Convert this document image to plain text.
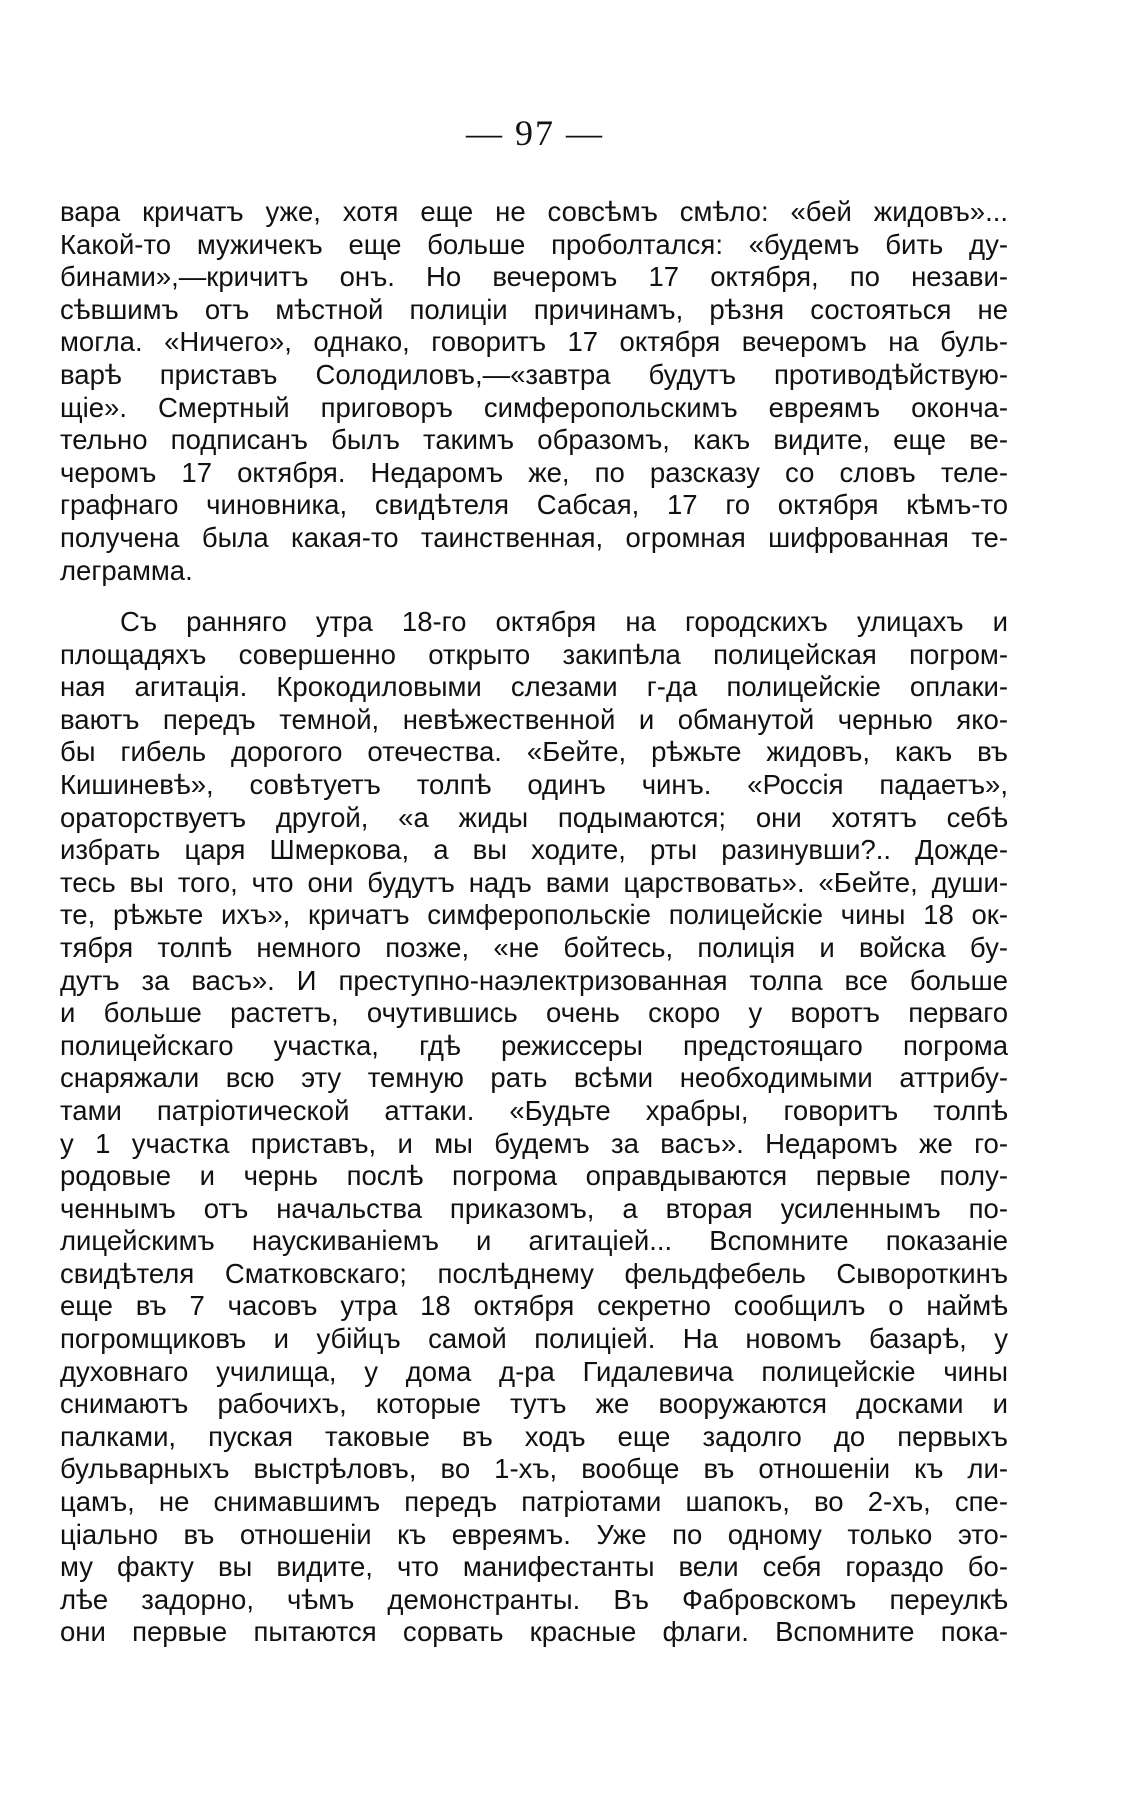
— 97 —
вара кричатъ уже, хотя еще не совсѣмъ смѣло: «бей жидовъ»...
Какой-то мужичекъ еще больше проболтался: «будемъ бить ду-
бинами»,—кричитъ онъ. Но вечеромъ 17 октября, по незави-
сѣвшимъ отъ мѣстной полиціи причинамъ, рѣзня состояться не
могла. «Ничего», однако, говоритъ 17 октября вечеромъ на буль-
варѣ приставъ Солодиловъ,—«завтра будутъ противодѣйствую-
щіе». Смертный приговоръ симферопольскимъ евреямъ оконча-
тельно подписанъ былъ такимъ образомъ, какъ видите, еще ве-
черомъ 17 октября. Недаромъ же, по разсказу со словъ теле-
графнаго чиновника, свидѣтеля Сабсая, 17 го октября кѣмъ-то
получена была какая-то таинственная, огромная шифрованная те-
леграмма.
Съ ранняго утра 18-го октября на городскихъ улицахъ и
площадяхъ совершенно открыто закипѣла полицейская погром-
ная агитація. Крокодиловыми слезами г-да полицейскіе оплаки-
ваютъ передъ темной, невѣжественной и обманутой чернью яко-
бы гибель дорогого отечества. «Бейте, рѣжьте жидовъ, какъ въ
Кишиневѣ», совѣтуетъ толпѣ одинъ чинъ. «Россія падаетъ»,
ораторствуетъ другой, «а жиды подымаются; они хотятъ себѣ
избрать царя Шмеркова, а вы ходите, рты разинувши?.. Дожде-
тесь вы того, что они будутъ надъ вами царствовать». «Бейте, души-
те, рѣжьте ихъ», кричатъ симферопольскіе полицейскіе чины 18 ок-
тября толпѣ немного позже, «не бойтесь, полиція и войска бу-
дутъ за васъ». И преступно-наэлектризованная толпа все больше
и больше растетъ, очутившись очень скоро у воротъ перваго
полицейскаго участка, гдѣ режиссеры предстоящаго погрома
снаряжали всю эту темную рать всѣми необходимыми аттрибу-
тами патріотической аттаки. «Будьте храбры, говоритъ толпѣ
у 1 участка приставъ, и мы будемъ за васъ». Недаромъ же го-
родовые и чернь послѣ погрома оправдываются первые полу-
ченнымъ отъ начальства приказомъ, а вторая усиленнымъ по-
лицейскимъ наускиваніемъ и агитаціей... Вспомните показаніе
свидѣтеля Сматковскаго; послѣднему фельдфебель Сывороткинъ
еще въ 7 часовъ утра 18 октября секретно сообщилъ о наймѣ
погромщиковъ и убійцъ самой полиціей. На новомъ базарѣ, у
духовнаго училища, у дома д-ра Гидалевича полицейскіе чины
снимаютъ рабочихъ, которые тутъ же вооружаются досками и
палками, пуская таковые въ ходъ еще задолго до первыхъ
бульварныхъ выстрѣловъ, во 1-хъ, вообще въ отношеніи къ ли-
цамъ, не снимавшимъ передъ патріотами шапокъ, во 2-хъ, спе-
ціально въ отношеніи къ евреямъ. Уже по одному только это-
му факту вы видите, что манифестанты вели себя гораздо бо-
лѣе задорно, чѣмъ демонстранты. Въ Фабровскомъ переулкѣ
они первые пытаются сорвать красные флаги. Вспомните пока-
